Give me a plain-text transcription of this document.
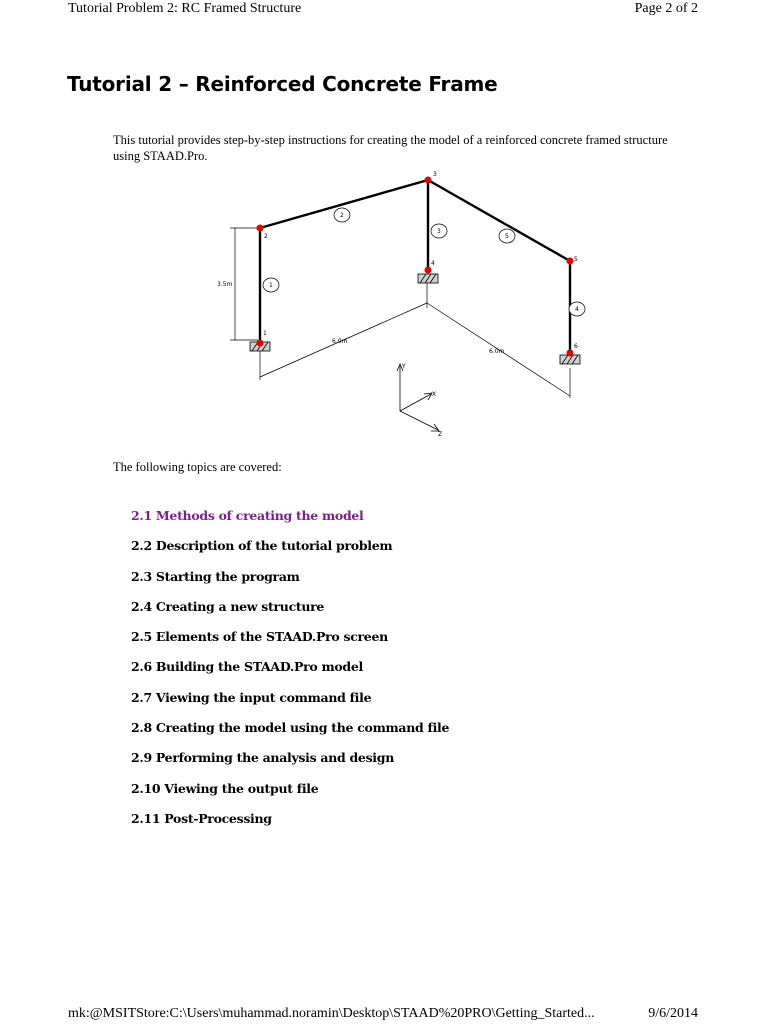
Tutorial Problem 2: RC Framed Structure	Page 2 of 2
Tutorial 2 – Reinforced Concrete Frame

This tutorial provides step-by-step instructions for creating the model of a reinforced concrete framed structure using STAAD.Pro.

1
2
3
4
5
1
2
3
4
5
6
3.5m
6.0m
6.0m
Y
X
Z
The following topics are covered:
2.1 Methods of creating the model
2.2 Description of the tutorial problem
2.3 Starting the program
2.4 Creating a new structure
2.5 Elements of the STAAD.Pro screen
2.6 Building the STAAD.Pro model
2.7 Viewing the input command file
2.8 Creating the model using the command file
2.9 Performing the analysis and design
2.10 Viewing the output file
2.11 Post-Processing
mk:@MSITStore:C:\Users\muhammad.noramin\Desktop\STAAD%20PRO\Getting_Started...	9/6/2014
